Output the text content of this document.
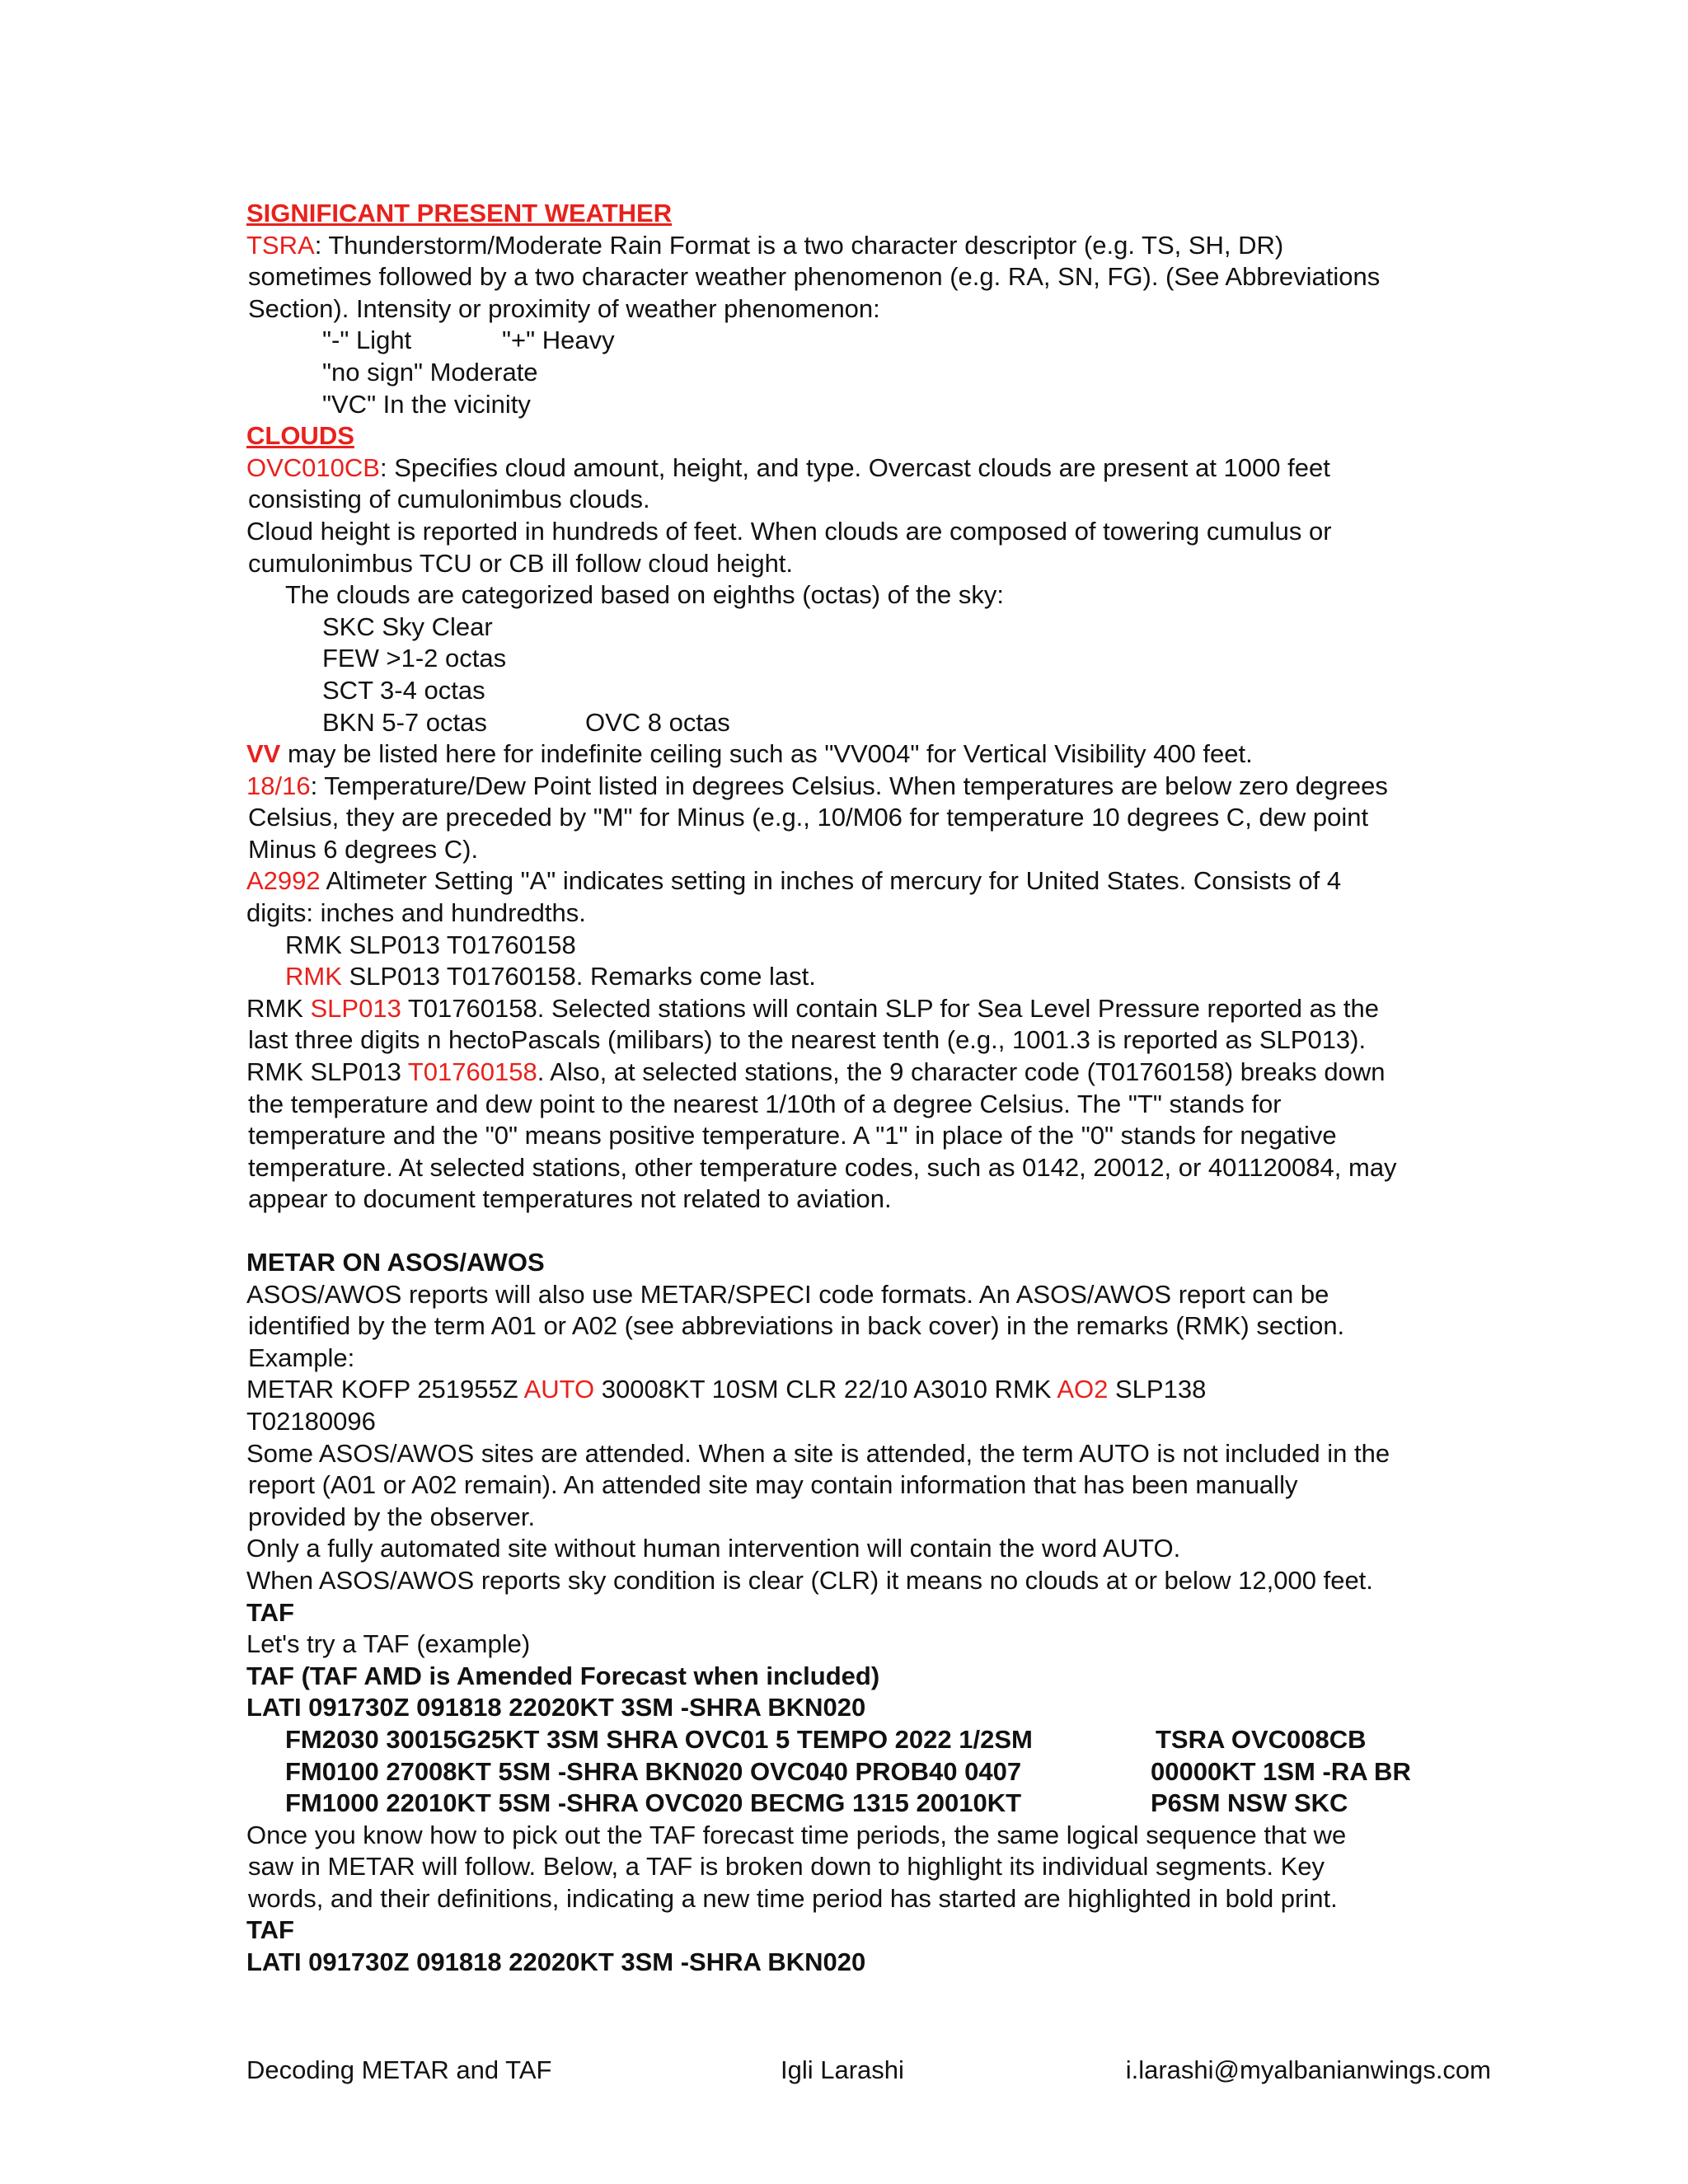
SIGNIFICANT PRESENT WEATHER
TSRA: Thunderstorm/Moderate Rain Format is a two character descriptor (e.g. TS, SH, DR)
sometimes followed by a two character weather phenomenon (e.g. RA, SN, FG). (See Abbreviations
Section). Intensity or proximity of weather phenomenon:
"-" Light	"+" Heavy
"no sign" Moderate
"VC" In the vicinity
CLOUDS
OVC010CB: Specifies cloud amount, height, and type. Overcast clouds are present at 1000 feet
consisting of cumulonimbus clouds.
Cloud height is reported in hundreds of feet. When clouds are composed of towering cumulus or
cumulonimbus TCU or CB ill follow cloud height.
The clouds are categorized based on eighths (octas) of the sky:
SKC Sky Clear
FEW >1-2 octas
SCT 3-4 octas
BKN 5-7 octas	OVC 8 octas
VV may be listed here for indefinite ceiling such as "VV004" for Vertical Visibility 400 feet.
18/16: Temperature/Dew Point listed in degrees Celsius. When temperatures are below zero degrees
Celsius, they are preceded by "M" for Minus (e.g., 10/M06 for temperature 10 degrees C, dew point
Minus 6 degrees C).
A2992 Altimeter Setting "A" indicates setting in inches of mercury for United States. Consists of 4
digits: inches and hundredths.
RMK SLP013 T01760158
RMK SLP013 T01760158. Remarks come last.
RMK SLP013 T01760158. Selected stations will contain SLP for Sea Level Pressure reported as the
last three digits n hectoPascals (milibars) to the nearest tenth (e.g., 1001.3 is reported as SLP013).
RMK SLP013 T01760158. Also, at selected stations, the 9 character code (T01760158) breaks down
the temperature and dew point to the nearest 1/10th of a degree Celsius. The "T" stands for
temperature and the "0" means positive temperature. A "1" in place of the "0" stands for negative
temperature. At selected stations, other temperature codes, such as 0142, 20012, or 401120084, may
appear to document temperatures not related to aviation.
METAR ON ASOS/AWOS
ASOS/AWOS reports will also use METAR/SPECI code formats. An ASOS/AWOS report can be
identified by the term A01 or A02 (see abbreviations in back cover) in the remarks (RMK) section.
Example:
METAR KOFP 251955Z AUTO 30008KT 10SM CLR 22/10 A3010 RMK AO2 SLP138
T02180096
Some ASOS/AWOS sites are attended. When a site is attended, the term AUTO is not included in the
report (A01 or A02 remain). An attended site may contain information that has been manually
provided by the observer.
Only a fully automated site without human intervention will contain the word AUTO.
When ASOS/AWOS reports sky condition is clear (CLR) it means no clouds at or below 12,000 feet.
TAF
Let's try a TAF (example)
TAF (TAF AMD is Amended Forecast when included)
LATI 091730Z 091818 22020KT 3SM -SHRA BKN020
FM2030 30015G25KT 3SM SHRA OVC01 5 TEMPO 2022 1/2SM	TSRA OVC008CB
FM0100 27008KT 5SM -SHRA BKN020 OVC040 PROB40 0407	00000KT 1SM -RA BR
FM1000 22010KT 5SM -SHRA OVC020 BECMG 1315 20010KT	P6SM NSW SKC
Once you know how to pick out the TAF forecast time periods, the same logical sequence that we
saw in METAR will follow. Below, a TAF is broken down to highlight its individual segments. Key
words, and their definitions, indicating a new time period has started are highlighted in bold print.
TAF
LATI 091730Z 091818 22020KT 3SM -SHRA BKN020
Decoding METAR and TAF	Igli Larashi	i.larashi@myalbanianwings.com
